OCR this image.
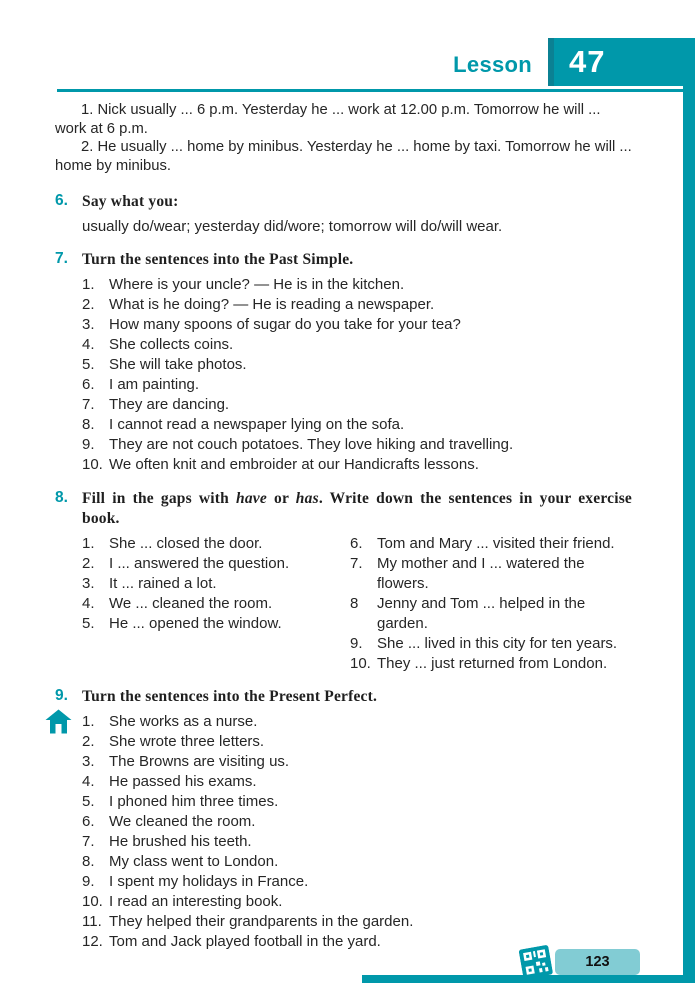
Lesson 47

1. Nick usually ... 6 p.m. Yesterday he ... work at 12.00 p.m. Tomorrow he will ... work at 6 p.m.

2. He usually ... home by minibus. Yesterday he ... home by taxi. Tomorrow he will ... home by minibus.

6. Say what you:

usually do/wear; yesterday did/wore; tomorrow will do/will wear.

7. Turn the sentences into the Past Simple.
1. Where is your uncle? — He is in the kitchen.
2. What is he doing? — He is reading a newspaper.
3. How many spoons of sugar do you take for your tea?
4. She collects coins.
5. She will take photos.
6. I am painting.
7. They are dancing.
8. I cannot read a newspaper lying on the sofa.
9. They are not couch potatoes. They love hiking and travelling.
10. We often knit and embroider at our Handicrafts lessons.
8. Fill in the gaps with have or has. Write down the sentences in your exercise book.
1. She ... closed the door.
2. I ... answered the question.
3. It ... rained a lot.
4. We ... cleaned the room.
5. He ... opened the window.
6. Tom and Mary ... visited their friend.
7. My mother and I ... watered the flowers.
8	Jenny and Tom ... helped in the garden.
9. She ... lived in this city for ten years.
10. They ... just returned from London.
9. Turn the sentences into the Present Perfect.
1. She works as a nurse.
2. She wrote three letters.
3. The Browns are visiting us.
4. He passed his exams.
5. I phoned him three times.
6. We cleaned the room.
7. He brushed his teeth.
8. My class went to London.
9. I spent my holidays in France.
10. I read an interesting book.
11. They helped their grandparents in the garden.
12. Tom and Jack played football in the yard.
123
